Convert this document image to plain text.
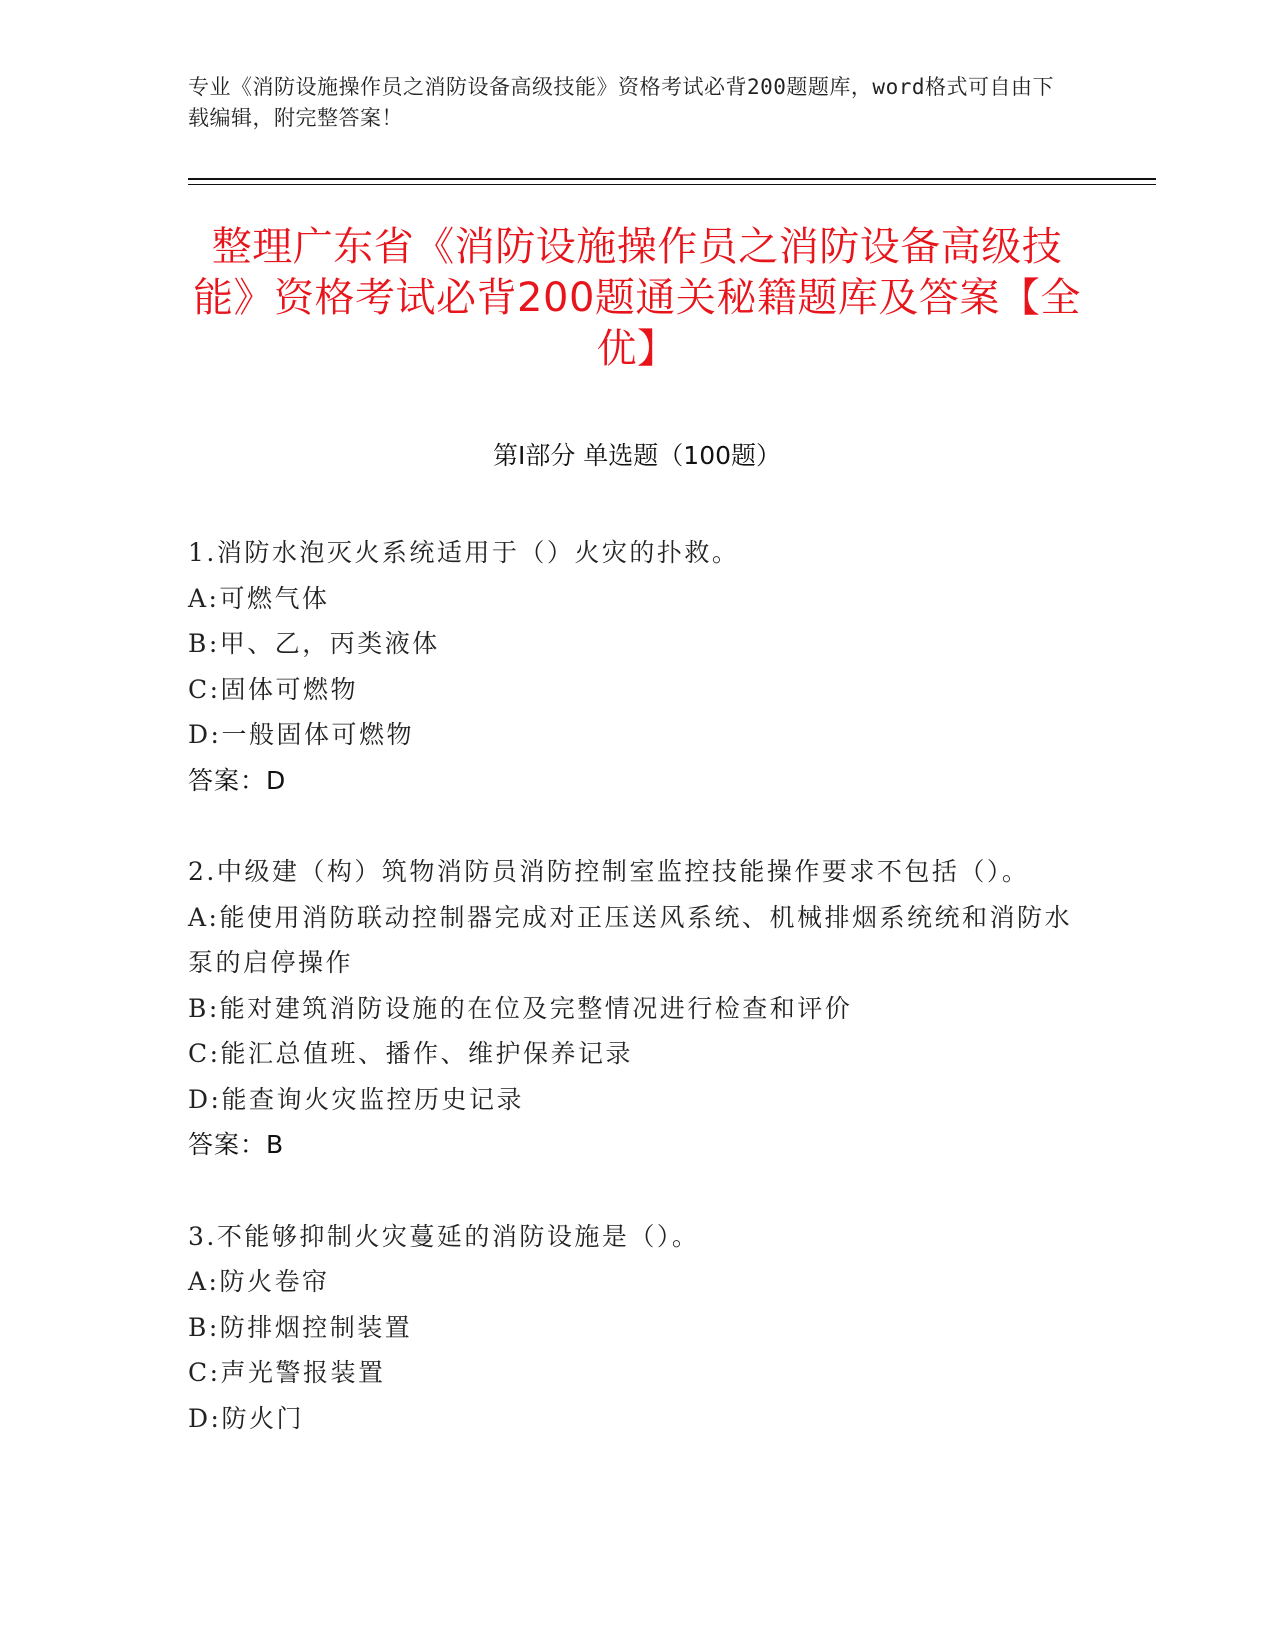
专业《消防设施操作员之消防设备高级技能》资格考试必背200题题库，word格式可自由下载编辑，附完整答案！
整理广东省《消防设施操作员之消防设备高级技能》资格考试必背200题通关秘籍题库及答案【全优】
第Ⅰ部分 单选题（100题）
1.消防水泡灭火系统适用于（）火灾的扑救。
A:可燃气体
B:甲、乙，丙类液体
C:固体可燃物
D:一般固体可燃物
答案：D
2.中级建（构）筑物消防员消防控制室监控技能操作要求不包括（）。
A:能使用消防联动控制器完成对正压送风系统、机械排烟系统统和消防水泵的启停操作
B:能对建筑消防设施的在位及完整情况进行检查和评价
C:能汇总值班、播作、维护保养记录
D:能查询火灾监控历史记录
答案：B
3.不能够抑制火灾蔓延的消防设施是（）。
A:防火卷帘
B:防排烟控制装置
C:声光警报装置
D:防火门
